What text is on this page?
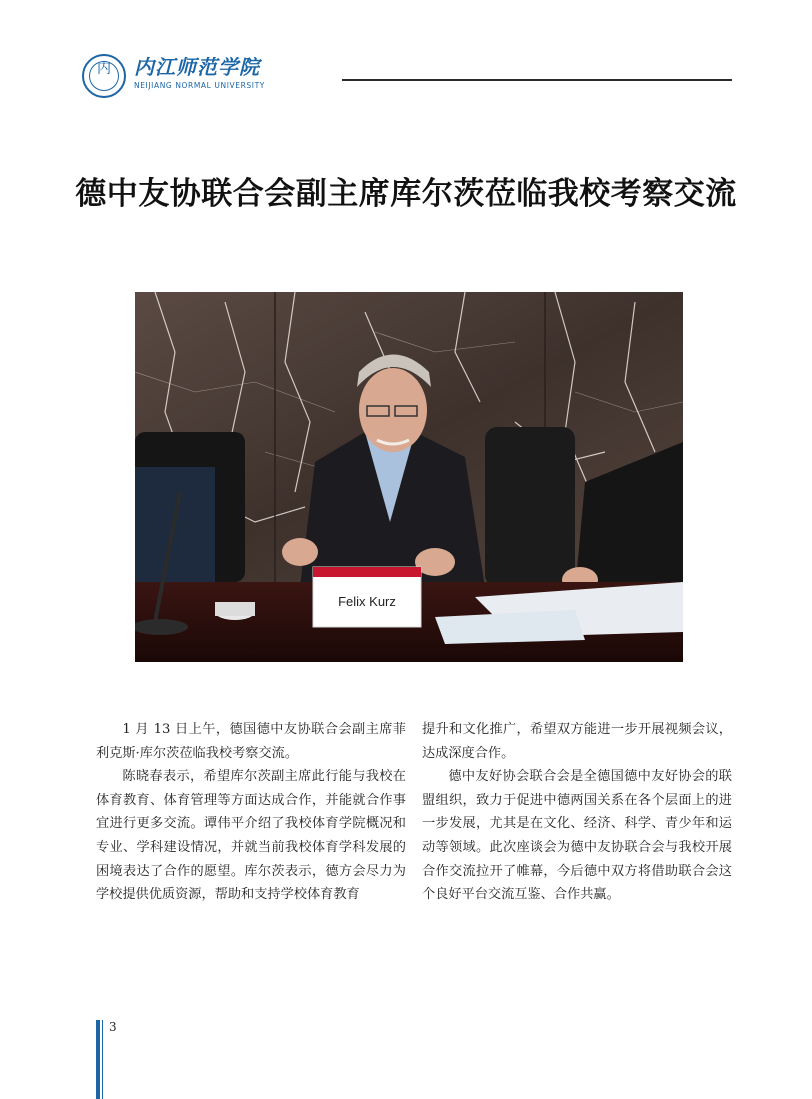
内	内江师范学院
NEIJIANG NORMAL UNIVERSITY
德中友协联合会副主席库尔茨莅临我校考察交流
Felix Kurz

1 月 13 日上午，德国德中友协联合会副主席菲利克斯·库尔茨莅临我校考察交流。

陈晓春表示，希望库尔茨副主席此行能与我校在体育教育、体育管理等方面达成合作，并能就合作事宜进行更多交流。谭伟平介绍了我校体育学院概况和专业、学科建设情况，并就当前我校体育学科发展的困境表达了合作的愿望。库尔茨表示，德方会尽力为学校提供优质资源，帮助和支持学校体育教育

提升和文化推广，希望双方能进一步开展视频会议，达成深度合作。

德中友好协会联合会是全德国德中友好协会的联盟组织，致力于促进中德两国关系在各个层面上的进一步发展，尤其是在文化、经济、科学、青少年和运动等领域。此次座谈会为德中友协联合会与我校开展合作交流拉开了帷幕，今后德中双方将借助联合会这个良好平台交流互鉴、合作共赢。

3
